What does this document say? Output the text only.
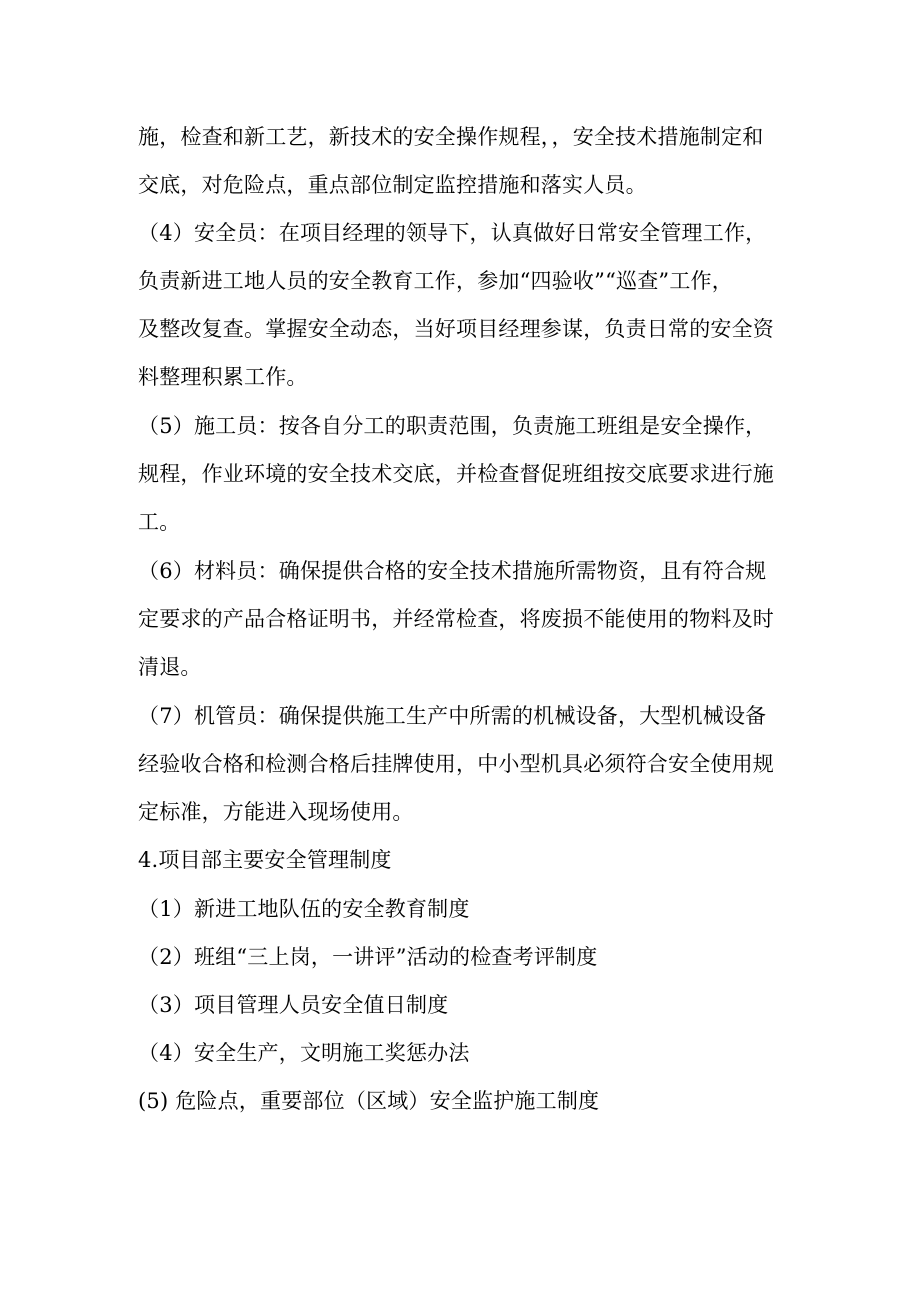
施，检查和新工艺，新技术的安全操作规程，，安全技术措施制定和
交底，对危险点，重点部位制定监控措施和落实人员。
（4）安全员：在项目经理的领导下，认真做好日常安全管理工作，
负责新进工地人员的安全教育工作，参加“四验收”“巡查”工作，
及整改复查。掌握安全动态，当好项目经理参谋，负责日常的安全资
料整理积累工作。
（5）施工员：按各自分工的职责范围，负责施工班组是安全操作，
规程，作业环境的安全技术交底，并检查督促班组按交底要求进行施
工。
（6）材料员：确保提供合格的安全技术措施所需物资，且有符合规
定要求的产品合格证明书，并经常检查，将废损不能使用的物料及时
清退。
（7）机管员：确保提供施工生产中所需的机械设备，大型机械设备
经验收合格和检测合格后挂牌使用，中小型机具必须符合安全使用规
定标准，方能进入现场使用。
4.项目部主要安全管理制度
（1）新进工地队伍的安全教育制度
（2）班组“三上岗，一讲评”活动的检查考评制度
（3）项目管理人员安全值日制度
（4）安全生产，文明施工奖惩办法
(5) 危险点，重要部位（区域）安全监护施工制度
